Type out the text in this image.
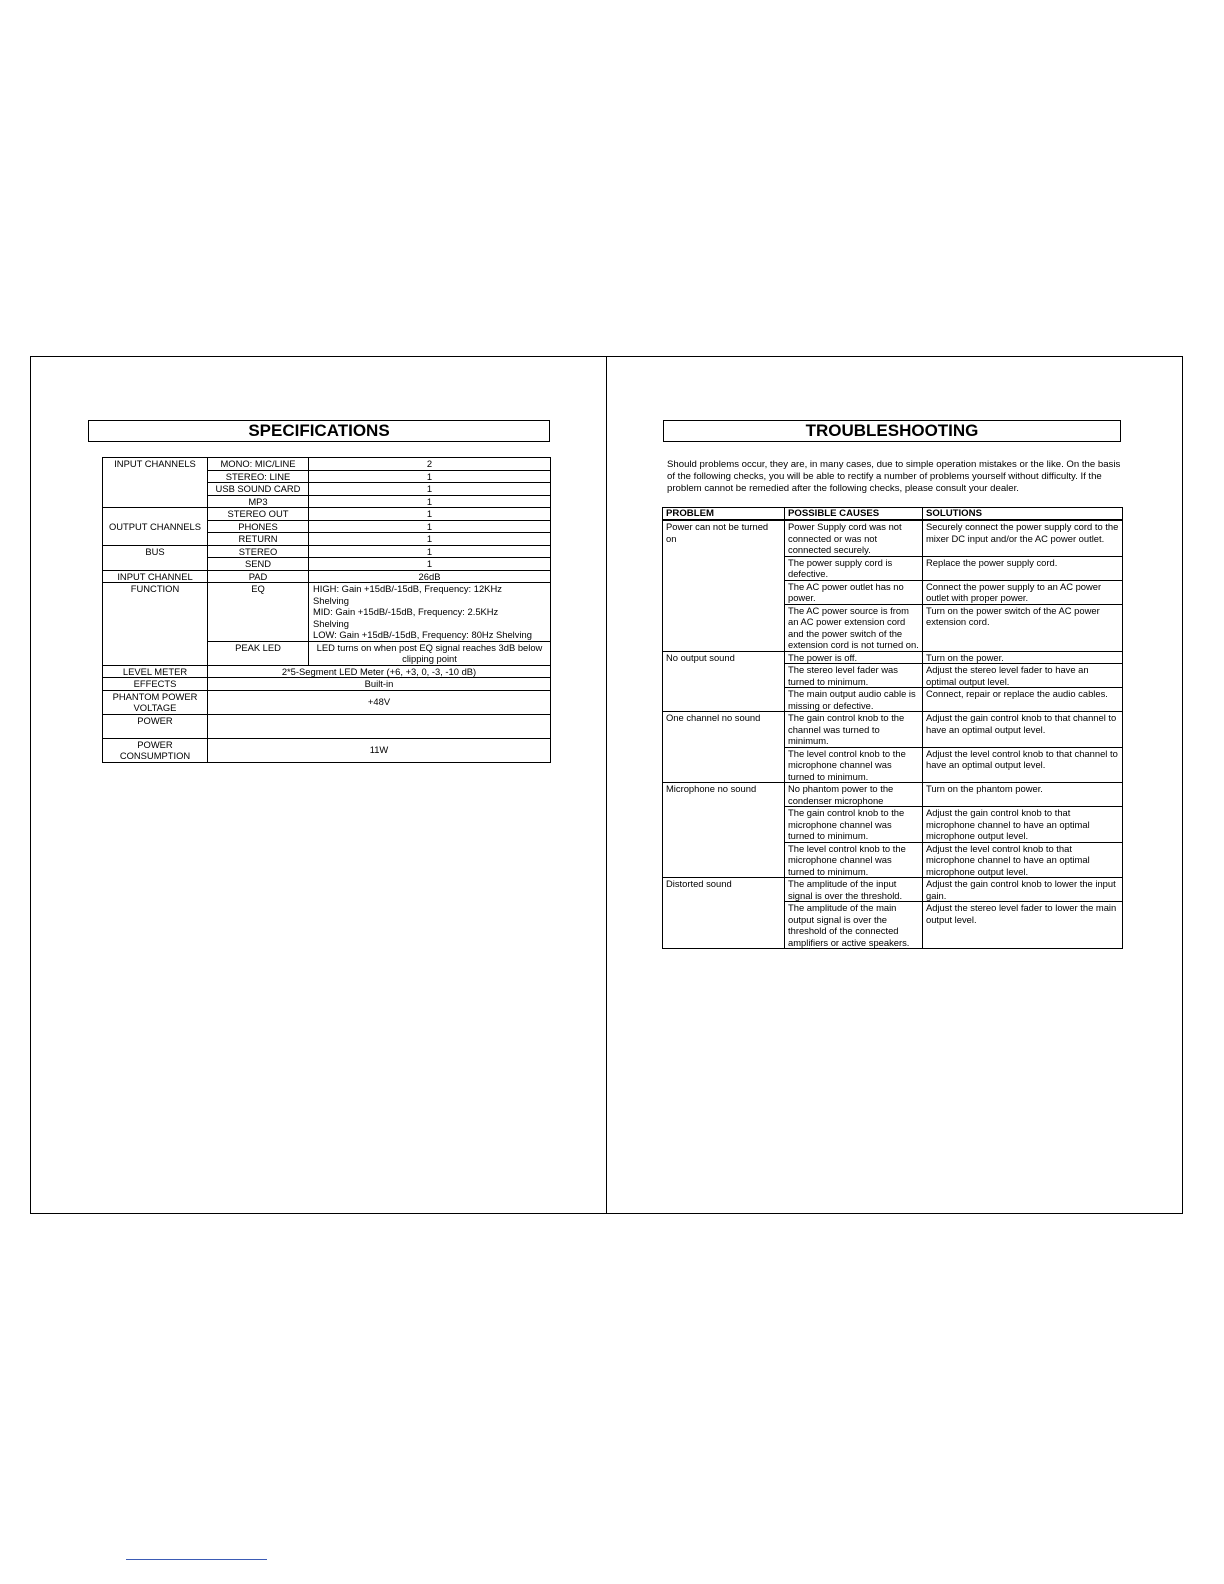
SPECIFICATIONS
INPUT CHANNELS	MONO: MIC/LINE	2
	STEREO: LINE	1
	USB SOUND CARD	1
	MP3	1
OUTPUT CHANNELS	STEREO OUT	1
	PHONES	1
	RETURN	1
BUS	STEREO	1
	SEND	1
INPUT CHANNEL	PAD	26dB
FUNCTION	EQ	HIGH: Gain +15dB/-15dB, Frequency: 12KHz
Shelving
MID: Gain +15dB/-15dB, Frequency: 2.5KHz
Shelving
LOW: Gain +15dB/-15dB, Frequency: 80Hz Shelving

	PEAK LED	LED turns on when post EQ signal reaches 3dB below clipping point
LEVEL METER	2*5-Segment LED Meter (+6, +3, 0, -3, -10 dB)	
EFFECTS	Built-in	
PHANTOM POWER VOLTAGE	+48V	
POWER		
POWER CONSUMPTION	11W	
TROUBLESHOOTING

Should problems occur, they are, in many cases, due to simple operation mistakes or the like. On the basis of the following checks, you will be able to rectify a number of problems yourself without difficulty. If the problem cannot be remedied after the following checks, please consult your dealer.

PROBLEM	POSSIBLE CAUSES	SOLUTIONS
Power can not be turned on	Power Supply cord was not connected or was not connected securely.	Securely connect the power supply cord to the mixer DC input and/or the AC power outlet.
	The power supply cord is defective.	Replace the power supply cord.
	The AC power outlet has no power.	Connect the power supply to an AC power outlet with proper power.
	The AC power source is from an AC power extension cord and the power switch of the extension cord is not turned on.	Turn on the power switch of the AC power extension cord.
No output sound	The power is off.	Turn on the power.
	The stereo level fader was turned to minimum.	Adjust the stereo level fader to have an optimal output level.
	The main output audio cable is missing or defective.	Connect, repair or replace the audio cables.
One channel no sound	The gain control knob to the channel was turned to minimum.	Adjust the gain control knob to that channel to have an optimal output level.
	The level control knob to the microphone channel was turned to minimum.	Adjust the level control knob to that channel to have an optimal output level.
Microphone no sound	No phantom power to the condenser microphone	Turn on the phantom power.
	The gain control knob to the microphone channel was turned to minimum.	Adjust the gain control knob to that microphone channel to have an optimal microphone output level.
	The level control knob to the microphone channel was turned to minimum.	Adjust the level control knob to that microphone channel to have an optimal microphone output level.
Distorted sound	The amplitude of the input signal is over the threshold.	Adjust the gain control knob to lower the input gain.
	The amplitude of the main output signal is over the threshold of the connected amplifiers or active speakers.	Adjust the stereo level fader to lower the main output level.
